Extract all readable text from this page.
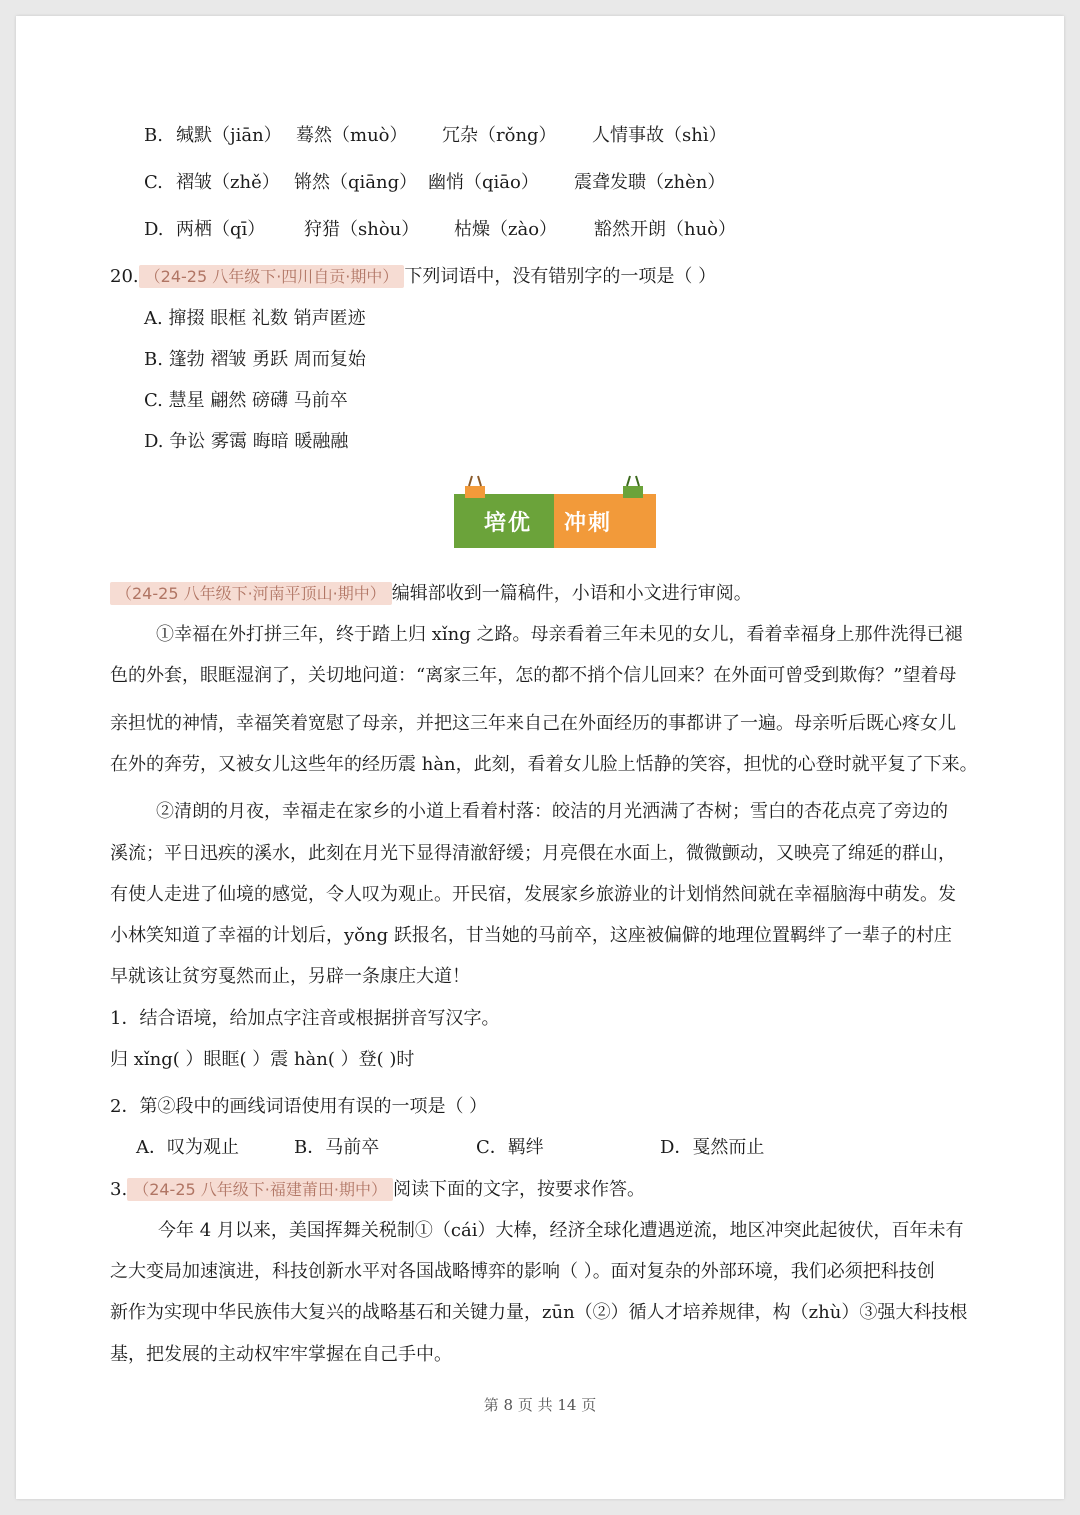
B. 缄默（jiān） 蓦然（muò） 冗杂（rǒng） 人情事故（shì）
C. 褶皱（zhě） 锵然（qiāng） 幽悄（qiāo） 震聋发聩（zhèn）
D. 两栖（qī） 狩猎（shòu） 枯燥（zào） 豁然开朗（huò）
20. （24-25 八年级下·四川自贡·期中） 下列词语中，没有错别字的一项是（ ）
A. 撺掇 眼框 礼数 销声匿迹
B. 篷勃 褶皱 勇跃 周而复始
C. 慧星 翩然 磅礴 马前卒
D. 争讼 雾霭 晦暗 暖融融
培优 冲刺
（24-25 八年级下·河南平顶山·期中） 编辑部收到一篇稿件，小语和小文进行审阅。
①幸福在外打拼三年，终于踏上归 xǐng 之路。母亲看着三年未见的女儿，看着幸福身上那件洗得已褪
色的外套，眼眶湿润了，关切地问道：“离家三年，怎的都不捎个信儿回来？在外面可曾受到欺侮？”望着母
亲担忧的神情，幸福笑着宽慰了母亲，并把这三年来自己在外面经历的事都讲了一遍。母亲听后既心疼女儿
在外的奔劳，又被女儿这些年的经历震 hàn，此刻，看着女儿脸上恬静的笑容，担忧的心登时就平复了下来。
②清朗的月夜，幸福走在家乡的小道上看着村落：皎洁的月光洒满了杏树；雪白的杏花点亮了旁边的
溪流；平日迅疾的溪水，此刻在月光下显得清澈舒缓；月亮偎在水面上，微微颤动，又映亮了绵延的群山，
有使人走进了仙境的感觉，令人叹为观止。开民宿，发展家乡旅游业的计划悄然间就在幸福脑海中萌发。发
小林笑知道了幸福的计划后，yǒng 跃报名，甘当她的马前卒，这座被偏僻的地理位置羁绊了一辈子的村庄
早就该让贫穷戛然而止，另辟一条康庄大道！
1．结合语境，给加点字注音或根据拼音写汉字。
归 xǐng( ）眼眶( ）震 hàn( ）登( )时
2．第②段中的画线词语使用有误的一项是（ ）
A．叹为观止	B．马前卒	C．羁绊	D．戛然而止
3. （24-25 八年级下·福建莆田·期中） 阅读下面的文字，按要求作答。
今年 4 月以来，美国挥舞关税制①（cái）大棒，经济全球化遭遇逆流，地区冲突此起彼伏，百年未有
之大变局加速演进，科技创新水平对各国战略博弈的影响（ ）。面对复杂的外部环境，我们必须把科技创
新作为实现中华民族伟大复兴的战略基石和关键力量，zūn（②）循人才培养规律，构（zhù）③强大科技根
基，把发展的主动权牢牢掌握在自己手中。
第 8 页 共 14 页
